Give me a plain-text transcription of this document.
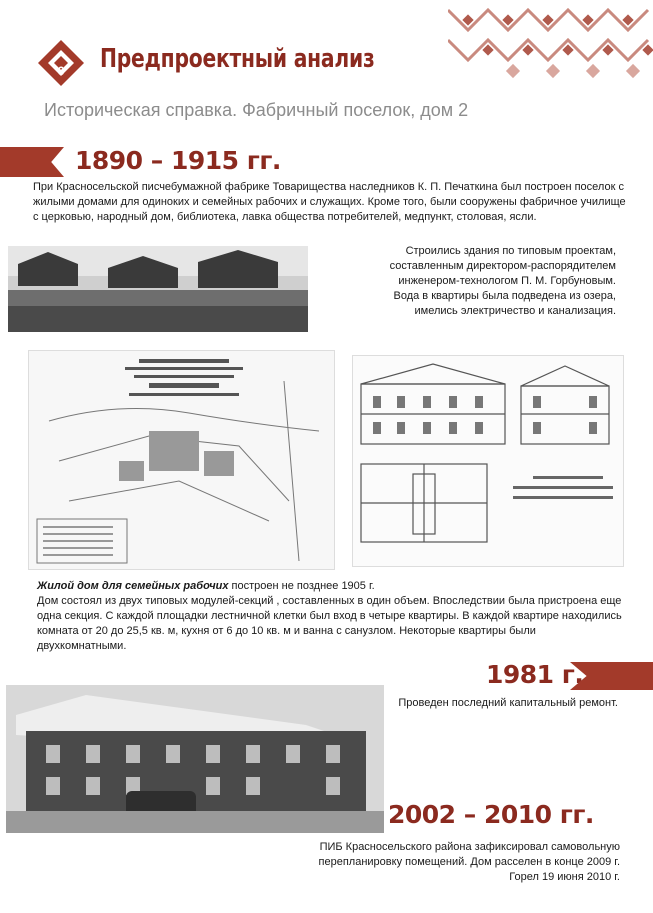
6 Предпроектный анализ
Историческая справка. Фабричный поселок, дом 2
1890 – 1915 гг.
При Красносельской писчебумажной фабрике Товарищества наследников К. П. Печаткина был построен поселок с жилыми домами для одиноких и семейных рабочих и служащих. Кроме того, были сооружены фабричное училище с церковью, народный дом, библиотека, лавка общества потребителей, медпункт, столовая, ясли.
Строились здания по типовым проектам,
составленным директором-распорядителем
инженером-технологом П. М. Горбуновым.
Вода в квартиры была подведена из озера,
имелись электричество и канализация.
Жилой дом для семейных рабочих построен не позднее 1905 г.
Дом состоял из двух типовых модулей-секций , составленных в один объем. Впоследствии была пристроена еще одна секция. С каждой площадки лестничной клетки был вход в четыре квартиры. В каждой квартире находились комната от 20 до 25,5 кв. м, кухня от 6 до 10 кв. м и ванна с санузлом. Некоторые квартиры были двухкомнатными.
1981 г.
Проведен последний капитальный ремонт.
2002 – 2010 гг.
ПИБ Красносельского района зафиксировал самовольную
перепланировку помещений. Дом расселен в конце 2009 г.
Горел 19 июня 2010 г.
